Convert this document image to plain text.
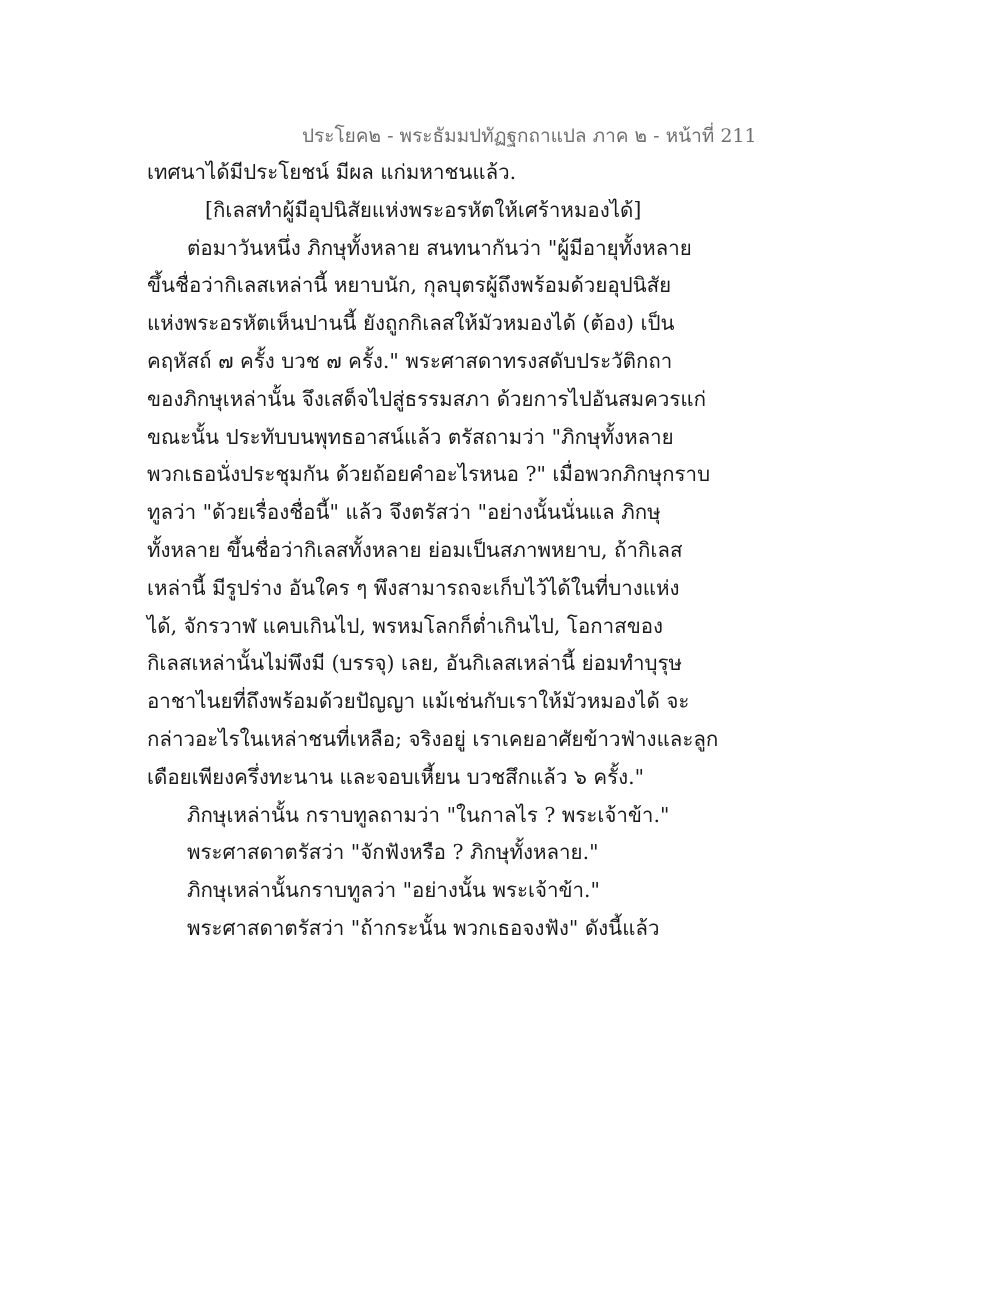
ประโยค๒ - พระธัมมปทัฏฐกถาแปล ภาค ๒ - หน้าที่ 211
เทศนาได้มีประโยชน์ มีผล แก่มหาชนแล้ว.
[กิเลสทำผู้มีอุปนิสัยแห่งพระอรหัตให้เศร้าหมองได้]
ต่อมาวันหนึ่ง ภิกษุทั้งหลาย สนทนากันว่า "ผู้มีอายุทั้งหลาย
ขึ้นชื่อว่ากิเลสเหล่านี้ หยาบนัก, กุลบุตรผู้ถึงพร้อมด้วยอุปนิสัย
แห่งพระอรหัตเห็นปานนี้ ยังถูกกิเลสให้มัวหมองได้ (ต้อง) เป็น
คฤหัสถ์ ๗ ครั้ง บวช ๗ ครั้ง." พระศาสดาทรงสดับประวัติกถา
ของภิกษุเหล่านั้น จึงเสด็จไปสู่ธรรมสภา ด้วยการไปอันสมควรแก่
ขณะนั้น ประทับบนพุทธอาสน์แล้ว ตรัสถามว่า "ภิกษุทั้งหลาย
พวกเธอนั่งประชุมกัน ด้วยถ้อยคำอะไรหนอ ?" เมื่อพวกภิกษุกราบ
ทูลว่า "ด้วยเรื่องชื่อนี้" แล้ว จึงตรัสว่า "อย่างนั้นนั่นแล ภิกษุ
ทั้งหลาย ขึ้นชื่อว่ากิเลสทั้งหลาย ย่อมเป็นสภาพหยาบ, ถ้ากิเลส
เหล่านี้ มีรูปร่าง อันใคร ๆ พึงสามารถจะเก็บไว้ได้ในที่บางแห่ง
ได้, จักรวาฬ แคบเกินไป, พรหมโลกก็ต่ำเกินไป, โอกาสของ
กิเลสเหล่านั้นไม่พึงมี (บรรจุ) เลย, อันกิเลสเหล่านี้ ย่อมทำบุรุษ
อาชาไนยที่ถึงพร้อมด้วยปัญญา แม้เช่นกับเราให้มัวหมองได้ จะ
กล่าวอะไรในเหล่าชนที่เหลือ; จริงอยู่ เราเคยอาศัยข้าวฟ่างและลูก
เดือยเพียงครึ่งทะนาน และจอบเหี้ยน บวชสึกแล้ว ๖ ครั้ง."
ภิกษุเหล่านั้น กราบทูลถามว่า "ในกาลไร ? พระเจ้าข้า."
พระศาสดาตรัสว่า "จักฟังหรือ ? ภิกษุทั้งหลาย."
ภิกษุเหล่านั้นกราบทูลว่า "อย่างนั้น พระเจ้าข้า."
พระศาสดาตรัสว่า "ถ้ากระนั้น พวกเธอจงฟัง" ดังนี้แล้ว
